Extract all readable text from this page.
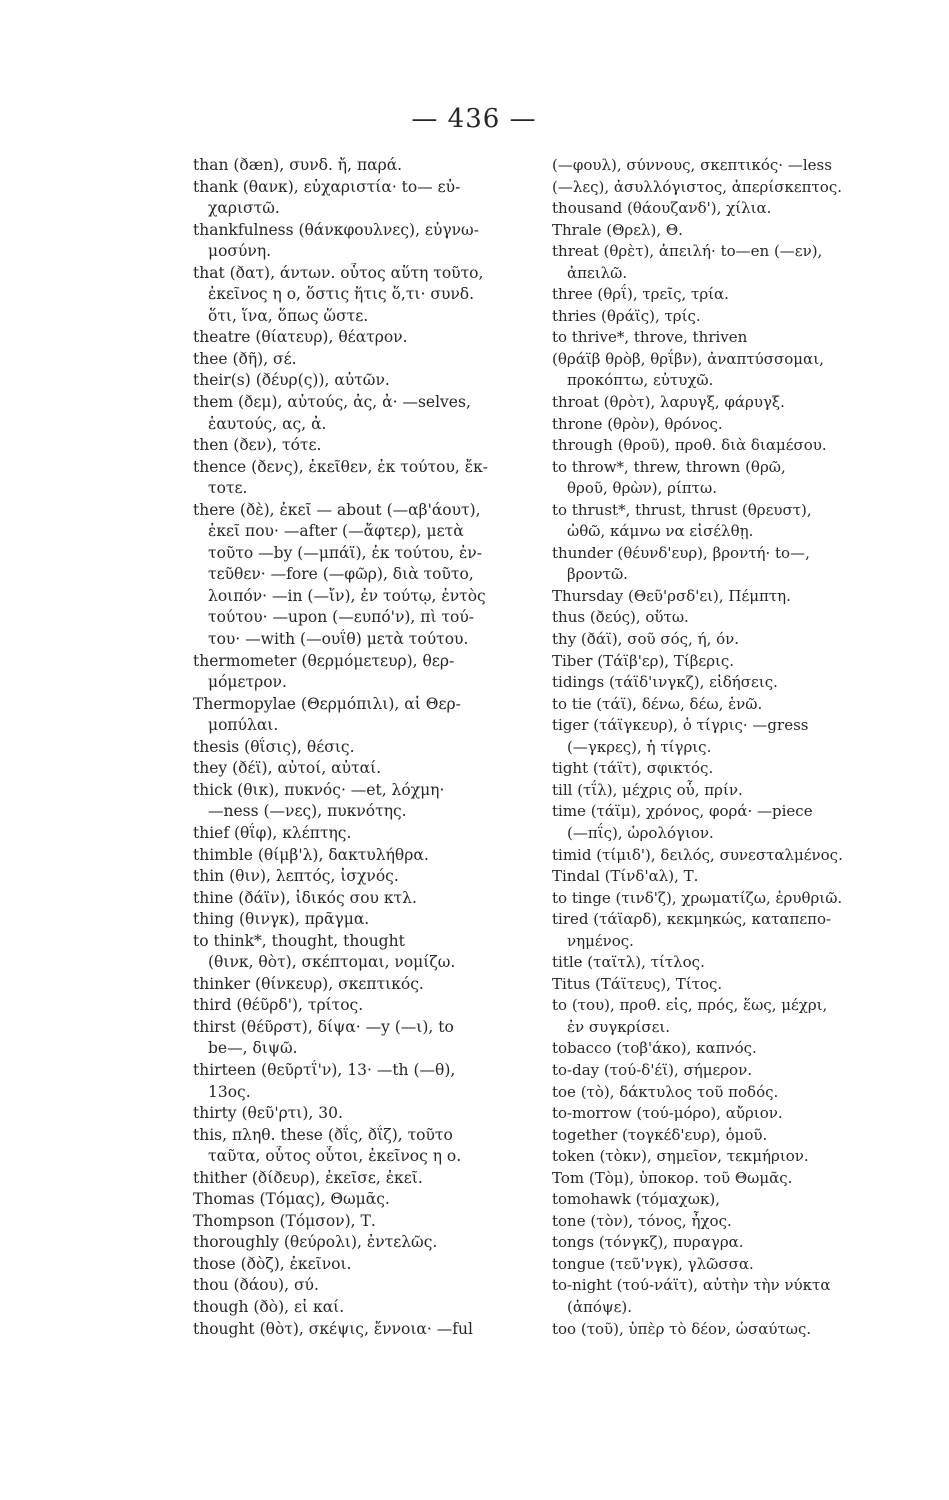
— 436 —
than (ðæn), συνδ. ἤ, παρά.
thank (θανκ), εὐχαριστία· to— εὐ-
χαριστῶ.
thankfulness (θάνκφουλνες), εὐγνω-
μοσύνη.
that (ðατ), άντων. οὗτος αὕτη τοῦτο,
ἐκεῖνος η ο, ὅστις ἥτις ὅ,τι· συνδ.
ὅτι, ἵνα, ὅπως ὥστε.
theatre (θίατευρ), θέατρον.
thee (ðῆ), σέ.
their(s) (ðέυρ(ς)), αὐτῶν.
them (ðεμ), αὐτούς, ἀς, ἀ· —selves,
ἑαυτούς, ας, ἀ.
then (ðεν), τότε.
thence (ðενς), ἐκεῖθεν, ἐκ τούτου, ἔκ-
τοτε.
there (ðὲ), ἐκεῖ — about (—αβ'άουτ),
ἐκεῖ που· —after (—ἄφτερ), μετὰ
τοῦτο —by (—μπάϊ), ἐκ τούτου, ἐν-
τεῦθεν· —fore (—φῶρ), διὰ τοῦτο,
λοιπόν· —in (—ἴν), ἐν τούτῳ, ἐντὸς
τούτου· —upon (—ευπό'ν), πὶ τού-
του· —with (—ουΐθ) μετὰ τούτου.
thermometer (θερμόμετευρ), θερ-
μόμετρον.
Thermopylae (Θερμόπιλι), αἱ Θερ-
μοπύλαι.
thesis (θΐσις), θέσις.
they (ðέϊ), αὐτοί, αὐταί.
thick (θικ), πυκνός· —et, λόχμη·
—ness (—νες), πυκνότης.
thief (θΐφ), κλέπτης.
thimble (θίμβ'λ), δακτυλήθρα.
thin (θιν), λεπτός, ἰσχνός.
thine (ðάϊν), ἰδικός σου κτλ.
thing (θινγκ), πρᾶγμα.
to think*, thought, thought
(θινκ, θὸτ), σκέπτομαι, νομίζω.
thinker (θίνκευρ), σκεπτικός.
third (θέῦρδ'), τρίτος.
thirst (θέῦρστ), δίψα· —y (—ι), to
be—, διψῶ.
thirteen (θεῦρτΐ'ν), 13· —th (—θ),
13ος.
thirty (θεῦ'ρτι), 30.
this, πληθ. these (ðΐς, ðΐζ), τοῦτο
ταῦτα, οὗτος οὗτοι, ἐκεῖνος η ο.
thither (ðίðευρ), ἐκεῖσε, ἐκεῖ.
Thomas (Τόμας), Θωμᾶς.
Thompson (Τόμσον), Τ.
thoroughly (θεύρολι), ἐντελῶς.
those (ðὸζ), ἐκεῖνοι.
thou (ðάου), σύ.
though (ðὸ), εἰ καί.
thought (θὸτ), σκέψις, ἔννοια· —ful
(—φουλ), σύννους, σκεπτικός· —less
(—λες), ἀσυλλόγιστος, ἀπερίσκεπτος.
thousand (θάουζανδ'), χίλια.
Thrale (Θρελ), Θ.
threat (θρὲτ), ἀπειλή· to—en (—εν),
ἀπειλῶ.
three (θρΐ), τρεῖς, τρία.
thries (θράϊς), τρίς.
to thrive*, throve, thriven
(θράϊβ θρὸβ, θρΐβν), ἀναπτύσσομαι,
προκόπτω, εὐτυχῶ.
throat (θρὸτ), λαρυγξ, φάρυγξ.
throne (θρὸν), θρόνος.
through (θροῦ), προθ. διὰ διαμέσου.
to throw*, threw, thrown (θρῶ,
θροῦ, θρὼν), ρίπτω.
to thrust*, thrust, thrust (θρευστ),
ὠθῶ, κάμνω να εἰσέλθῃ.
thunder (θέυνδ'ευρ), βροντή· to—,
βροντῶ.
Thursday (Θεῦ'ρσδ'ει), Πέμπτη.
thus (ðεύς), οὕτω.
thy (ðάϊ), σοῦ σός, ή, όν.
Tiber (Τάϊβ'ερ), Τίβερις.
tidings (τάϊδ'ινγκζ), εἰδήσεις.
to tie (τάϊ), δένω, δέω, ἑνῶ.
tiger (τάϊγκευρ), ὁ τίγρις· —gress
(—γκρες), ἡ τίγρις.
tight (τάϊτ), σφικτός.
till (τΐλ), μέχρις οὗ, πρίν.
time (τάϊμ), χρόνος, φορά· —piece
(—πΐς), ὡρολόγιον.
timid (τίμιδ'), δειλός, συνεσταλμένος.
Tindal (Τίνδ'αλ), Τ.
to tinge (τινδ'ζ), χρωματίζω, ἐρυθριῶ.
tired (τάϊαρδ), κεκμηκώς, καταπεπο-
νημένος.
title (ταϊτλ), τίτλος.
Titus (Τάϊτευς), Τίτος.
to (του), προθ. εἰς, πρός, ἕως, μέχρι,
ἐν συγκρίσει.
tobacco (τοβ'άκο), καπνός.
to-day (τού-δ'έϊ), σήμερον.
toe (τὸ), δάκτυλος τοῦ ποδός.
to-morrow (τού-μόρο), αὔριον.
together (τογκέδ'ευρ), ὁμοῦ.
token (τὸκν), σημεῖον, τεκμήριον.
Tom (Τὸμ), ὑποκορ. τοῦ Θωμᾶς.
tomohawk (τόμαχωκ),
tone (τὸν), τόνος, ἦχος.
tongs (τόνγκζ), πυραγρα.
tongue (τεῦ'νγκ), γλῶσσα.
to-night (τού-νάϊτ), αὐτὴν τὴν νύκτα
(ἀπόψε).
too (τοῦ), ὑπὲρ τὸ δέον, ὡσαύτως.
